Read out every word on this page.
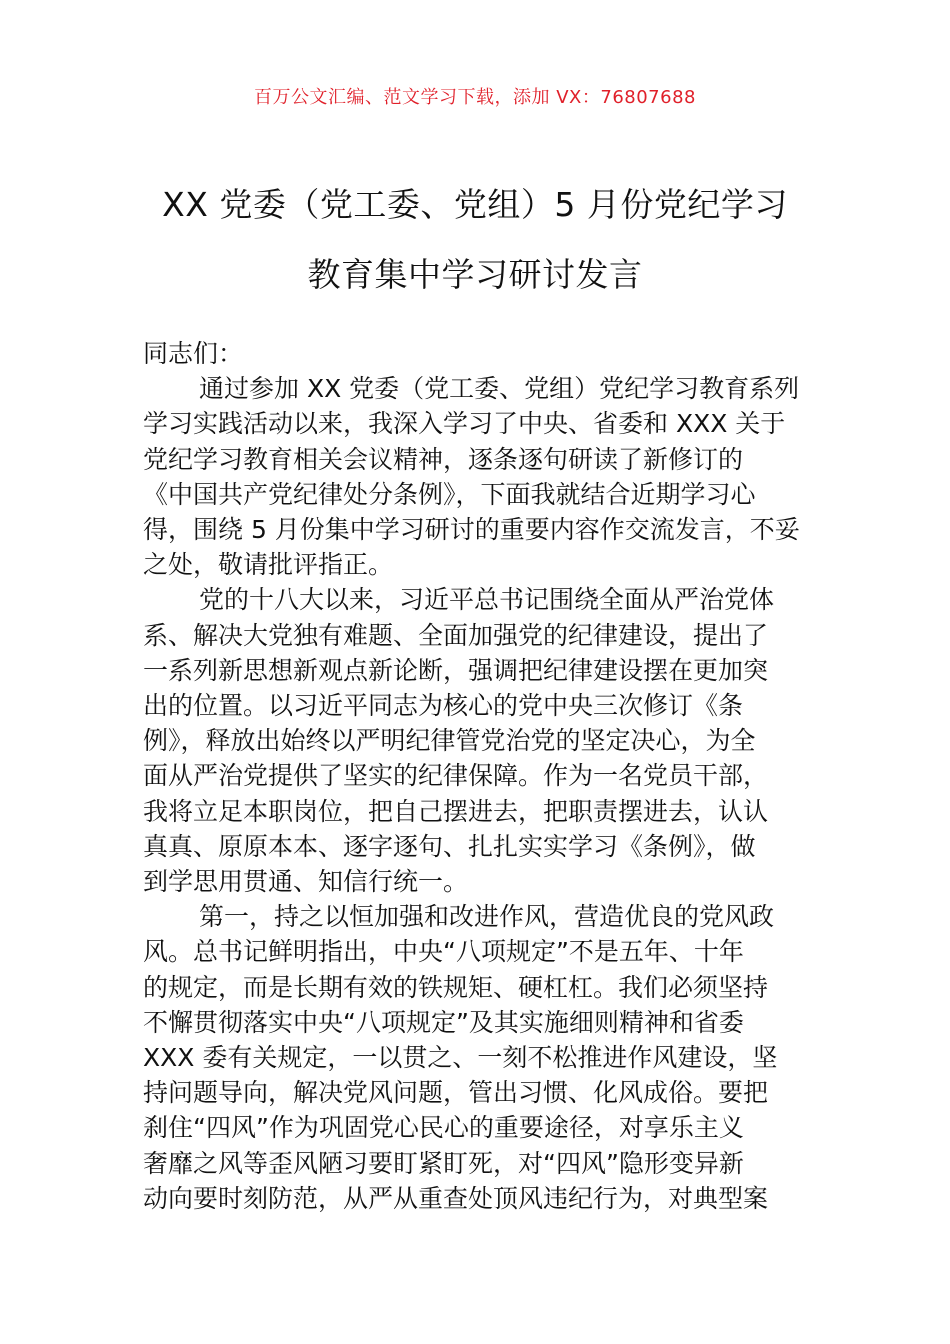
百万公文汇编、范文学习下载，添加 VX：76807688
XX 党委（党工委、党组）5 月份党纪学习
教育集中学习研讨发言

同志们：

通过参加 XX 党委（党工委、党组）党纪学习教育系列
学习实践活动以来，我深入学习了中央、省委和 XXX 关于
党纪学习教育相关会议精神，逐条逐句研读了新修订的
《中国共产党纪律处分条例》，下面我就结合近期学习心
得，围绕 5 月份集中学习研讨的重要内容作交流发言，不妥
之处，敬请批评指正。

党的十八大以来，习近平总书记围绕全面从严治党体
系、解决大党独有难题、全面加强党的纪律建设，提出了
一系列新思想新观点新论断，强调把纪律建设摆在更加突
出的位置。以习近平同志为核心的党中央三次修订《条
例》，释放出始终以严明纪律管党治党的坚定决心，为全
面从严治党提供了坚实的纪律保障。作为一名党员干部，
我将立足本职岗位，把自己摆进去，把职责摆进去，认认
真真、原原本本、逐字逐句、扎扎实实学习《条例》，做
到学思用贯通、知信行统一。

第一，持之以恒加强和改进作风，营造优良的党风政
风。总书记鲜明指出，中央“八项规定”不是五年、十年
的规定，而是长期有效的铁规矩、硬杠杠。我们必须坚持
不懈贯彻落实中央“八项规定”及其实施细则精神和省委
XXX 委有关规定，一以贯之、一刻不松推进作风建设，坚
持问题导向，解决党风问题，管出习惯、化风成俗。要把
刹住“四风”作为巩固党心民心的重要途径，对享乐主义
奢靡之风等歪风陋习要盯紧盯死，对“四风”隐形变异新
动向要时刻防范，从严从重查处顶风违纪行为，对典型案
